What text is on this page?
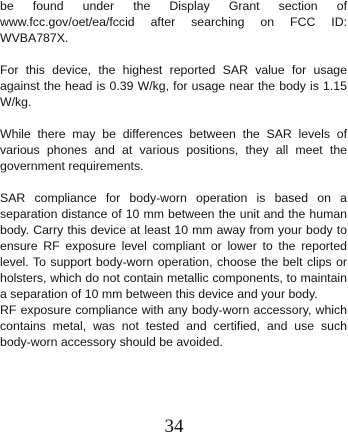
be found under the Display Grant section of www.fcc.gov/oet/ea/fccid after searching on FCC ID: WVBA787X.

For this device, the highest reported SAR value for usage against the head is 0.39 W/kg, for usage near the body is 1.15 W/kg.

While there may be differences between the SAR levels of various phones and at various positions, they all meet the government requirements.

SAR compliance for body-worn operation is based on a separation distance of 10 mm between the unit and the human body. Carry this device at least 10 mm away from your body to ensure RF exposure level compliant or lower to the reported level. To support body-worn operation, choose the belt clips or holsters, which do not contain metallic components, to maintain a separation of 10 mm between this device and your body.

RF exposure compliance with any body-worn accessory, which contains metal, was not tested and certified, and use such body-worn accessory should be avoided.

34
